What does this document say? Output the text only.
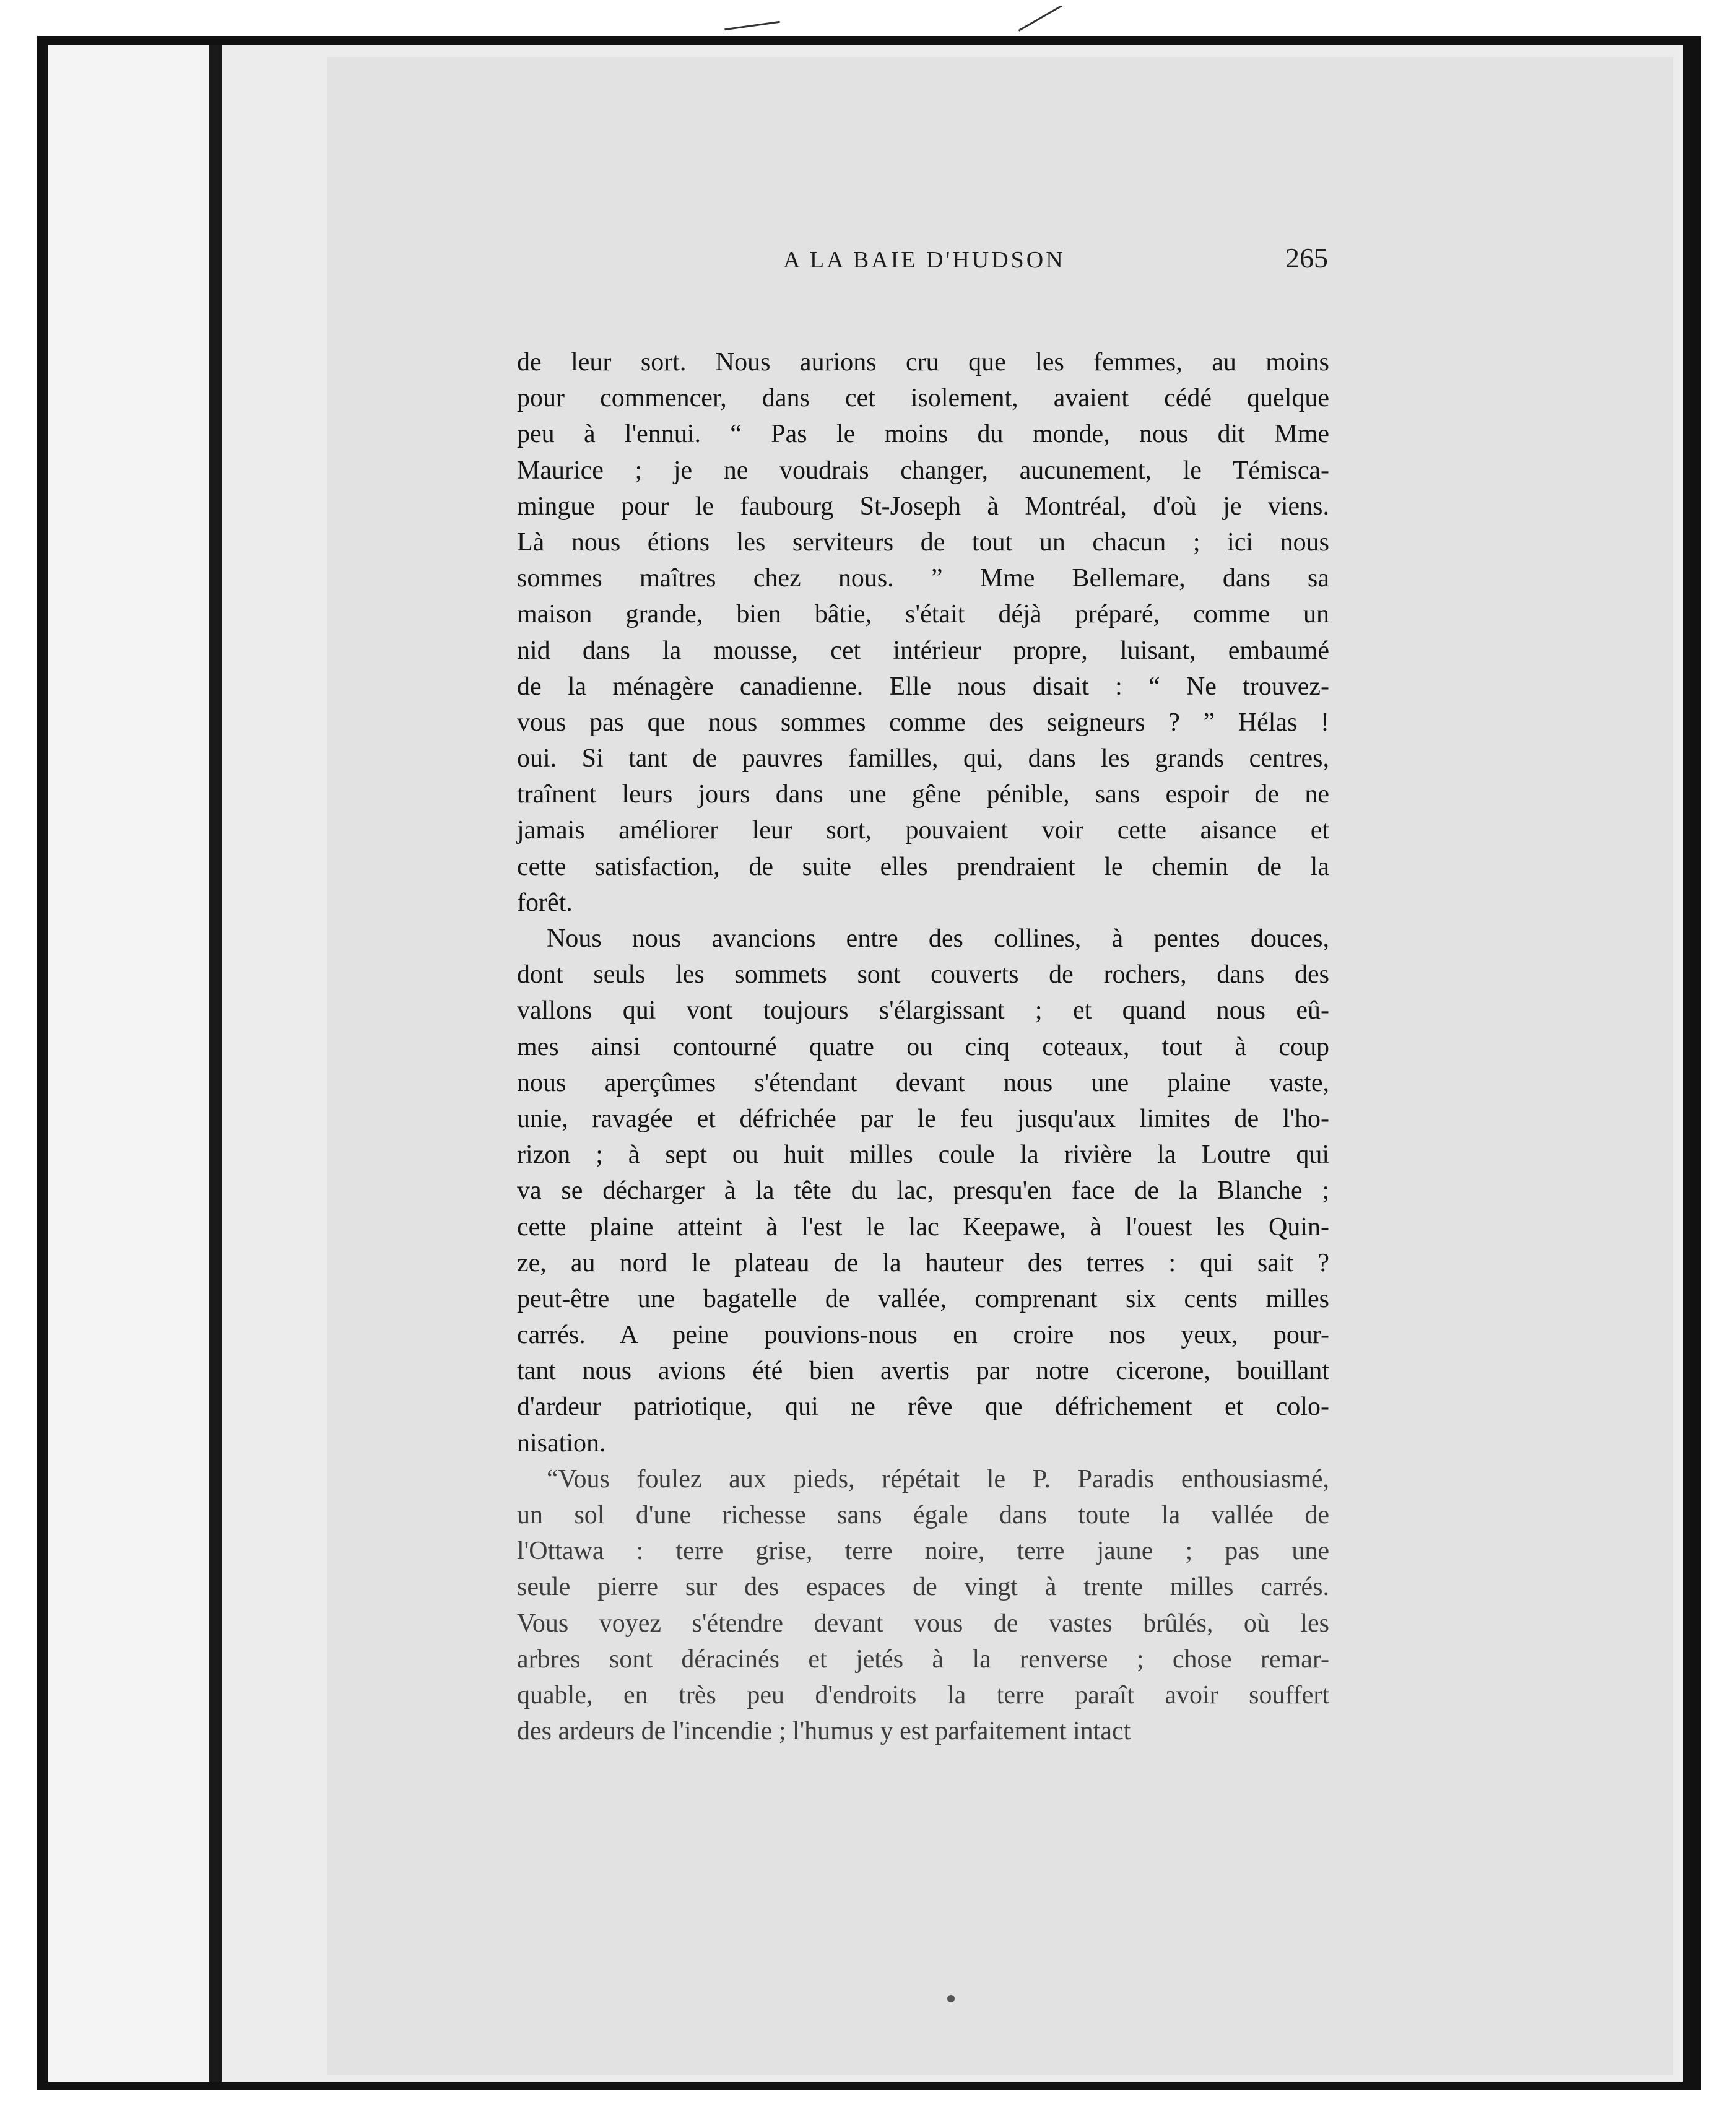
A LA BAIE D'HUDSON	265
de leur sort. Nous aurions cru que les femmes, au moins
pour commencer, dans cet isolement, avaient cédé quelque
peu à l'ennui. “ Pas le moins du monde, nous dit Mme
Maurice ; je ne voudrais changer, aucunement, le Témisca-
mingue pour le faubourg St-Joseph à Montréal, d'où je viens.
Là nous étions les serviteurs de tout un chacun ; ici nous
sommes maîtres chez nous. ” Mme Bellemare, dans sa
maison grande, bien bâtie, s'était déjà préparé, comme un
nid dans la mousse, cet intérieur propre, luisant, embaumé
de la ménagère canadienne. Elle nous disait : “ Ne trouvez-
vous pas que nous sommes comme des seigneurs ? ” Hélas !
oui. Si tant de pauvres familles, qui, dans les grands centres,
traînent leurs jours dans une gêne pénible, sans espoir de ne
jamais améliorer leur sort, pouvaient voir cette aisance et
cette satisfaction, de suite elles prendraient le chemin de la
forêt.
Nous nous avancions entre des collines, à pentes douces,
dont seuls les sommets sont couverts de rochers, dans des
vallons qui vont toujours s'élargissant ; et quand nous eû-
mes ainsi contourné quatre ou cinq coteaux, tout à coup
nous aperçûmes s'étendant devant nous une plaine vaste,
unie, ravagée et défrichée par le feu jusqu'aux limites de l'ho-
rizon ; à sept ou huit milles coule la rivière la Loutre qui
va se décharger à la tête du lac, presqu'en face de la Blanche ;
cette plaine atteint à l'est le lac Keepawe, à l'ouest les Quin-
ze, au nord le plateau de la hauteur des terres : qui sait ?
peut-être une bagatelle de vallée, comprenant six cents milles
carrés. A peine pouvions-nous en croire nos yeux, pour-
tant nous avions été bien avertis par notre cicerone, bouillant
d'ardeur patriotique, qui ne rêve que défrichement et colo-
nisation.
“Vous foulez aux pieds, répétait le P. Paradis enthousiasmé,
un sol d'une richesse sans égale dans toute la vallée de
l'Ottawa : terre grise, terre noire, terre jaune ; pas une
seule pierre sur des espaces de vingt à trente milles carrés.
Vous voyez s'étendre devant vous de vastes brûlés, où les
arbres sont déracinés et jetés à la renverse ; chose remar-
quable, en très peu d'endroits la terre paraît avoir souffert
des ardeurs de l'incendie ; l'humus y est parfaitement intact
